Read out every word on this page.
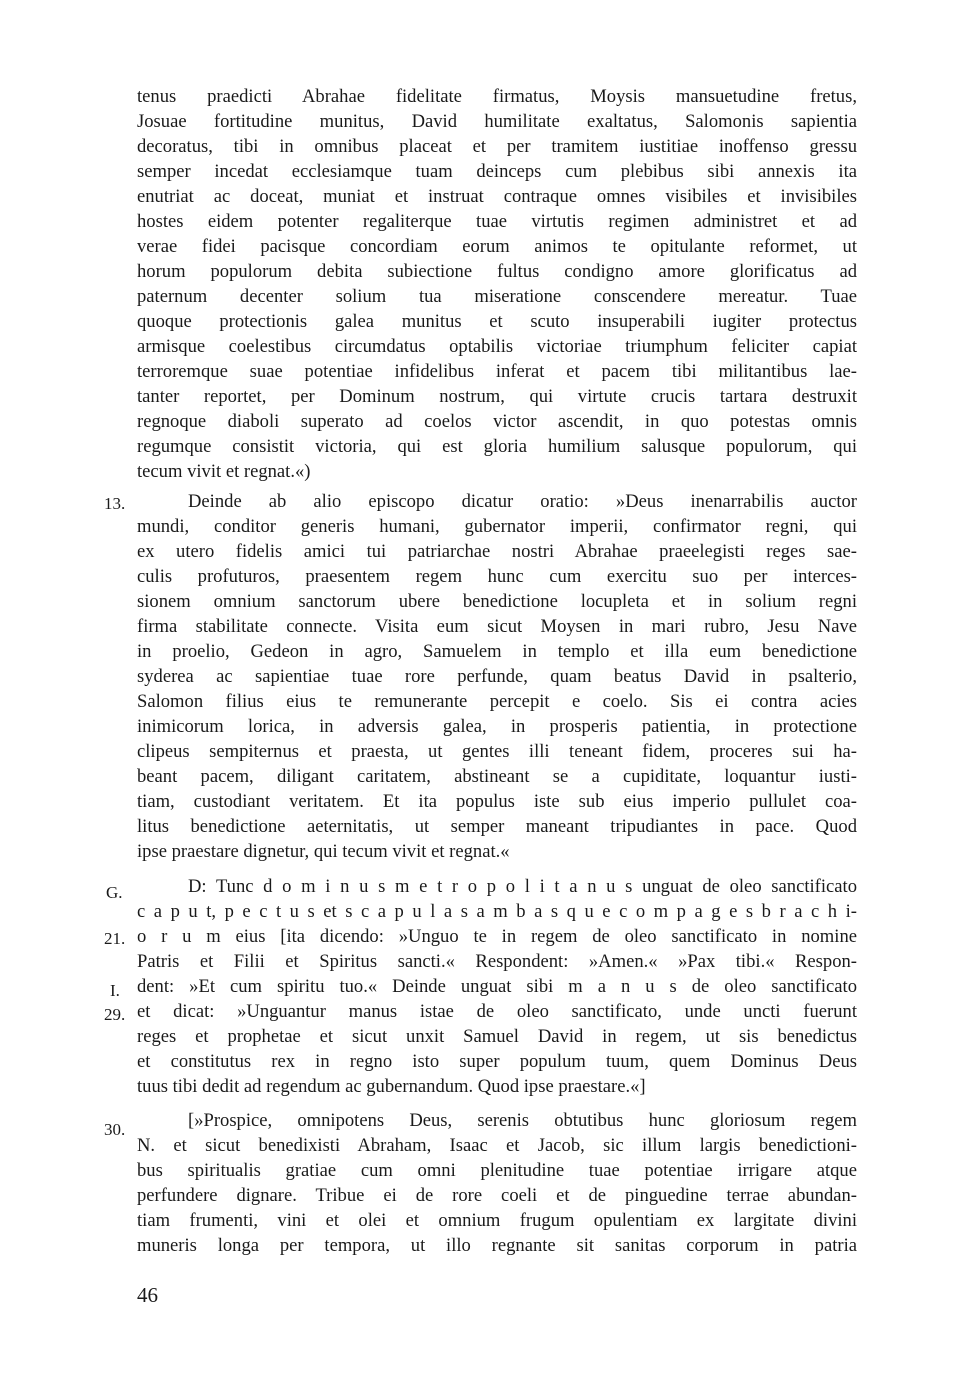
tenus praedicti Abrahae fidelitate firmatus, Moysis mansuetudine fretus,
Josuae fortitudine munitus, David humilitate exaltatus, Salomonis sapientia
decoratus, tibi in omnibus placeat et per tramitem iustitiae inoffenso gressu
semper incedat ecclesiamque tuam deinceps cum plebibus sibi annexis ita
enutriat ac doceat, muniat et instruat contraque omnes visibiles et invisibiles
hostes eidem potenter regaliterque tuae virtutis regimen administret et ad
verae fidei pacisque concordiam eorum animos te opitulante reformet, ut
horum populorum debita subiectione fultus condigno amore glorificatus ad
paternum decenter solium tua miseratione conscendere mereatur. Tuae
quoque protectionis galea munitus et scuto insuperabili iugiter protectus
armisque coelestibus circumdatus optabilis victoriae triumphum feliciter capiat
terroremque suae potentiae infidelibus inferat et pacem tibi militantibus lae-
tanter reportet, per Dominum nostrum, qui virtute crucis tartara destruxit
regnoque diaboli superato ad coelos victor ascendit, in quo potestas omnis
regumque consistit victoria, qui est gloria humilium salusque populorum, qui
tecum vivit et regnat.«)
13.	Deinde ab alio episcopo dicatur oratio: »Deus inenarrabilis auctor
mundi, conditor generis humani, gubernator imperii, confirmator regni, qui
ex utero fidelis amici tui patriarchae nostri Abrahae praeelegisti reges sae-
culis profuturos, praesentem regem hunc cum exercitu suo per interces-
sionem omnium sanctorum ubere benedictione locupleta et in solium regni
firma stabilitate connecte. Visita eum sicut Moysen in mari rubro, Jesu Nave
in proelio, Gedeon in agro, Samuelem in templo et illa eum benedictione
syderea ac sapientiae tuae rore perfunde, quam beatus David in psalterio,
Salomon filius eius te remunerante percepit e coelo. Sis ei contra acies
inimicorum lorica, in adversis galea, in prosperis patientia, in protectione
clipeus sempiternus et praesta, ut gentes illi teneant fidem, proceres sui ha-
beant pacem, diligant caritatem, abstineant se a cupiditate, loquantur iusti-
tiam, custodiant veritatem. Et ita populus iste sub eius imperio pullulet coa-
litus benedictione aeternitatis, ut semper maneant tripudiantes in pace. Quod
ipse praestare dignetur, qui tecum vivit et regnat.«
G.	D: Tunc d o m i n u s m e t r o p o l i t a n u s unguat de oleo sanctificato
c a p u t, p e c t u s et s c a p u l a s a m b a s q u e c o m p a g e s b r a c h i-
21. o r u m eius [ita dicendo: »Unguo te in regem de oleo sanctificato in nomine
Patris et Filii et Spiritus sancti.« Respondent: »Amen.« »Pax tibi.« Respon-
I. dent: »Et cum spiritu tuo.« Deinde unguat sibi m a n u s de oleo sanctificato
29. et dicat: »Unguantur manus istae de oleo sanctificato, unde uncti fuerunt
reges et prophetae et sicut unxit Samuel David in regem, ut sis benedictus
et constitutus rex in regno isto super populum tuum, quem Dominus Deus
tuus tibi dedit ad regendum ac gubernandum. Quod ipse praestare.«]
30.	[»Prospice, omnipotens Deus, serenis obtutibus hunc gloriosum regem
N. et sicut benedixisti Abraham, Isaac et Jacob, sic illum largis benedictioni-
bus spiritualis gratiae cum omni plenitudine tuae potentiae irrigare atque
perfundere dignare. Tribue ei de rore coeli et de pinguedine terrae abundan-
tiam frumenti, vini et olei et omnium frugum opulentiam ex largitate divini
muneris longa per tempora, ut illo regnante sit sanitas corporum in patria
46
